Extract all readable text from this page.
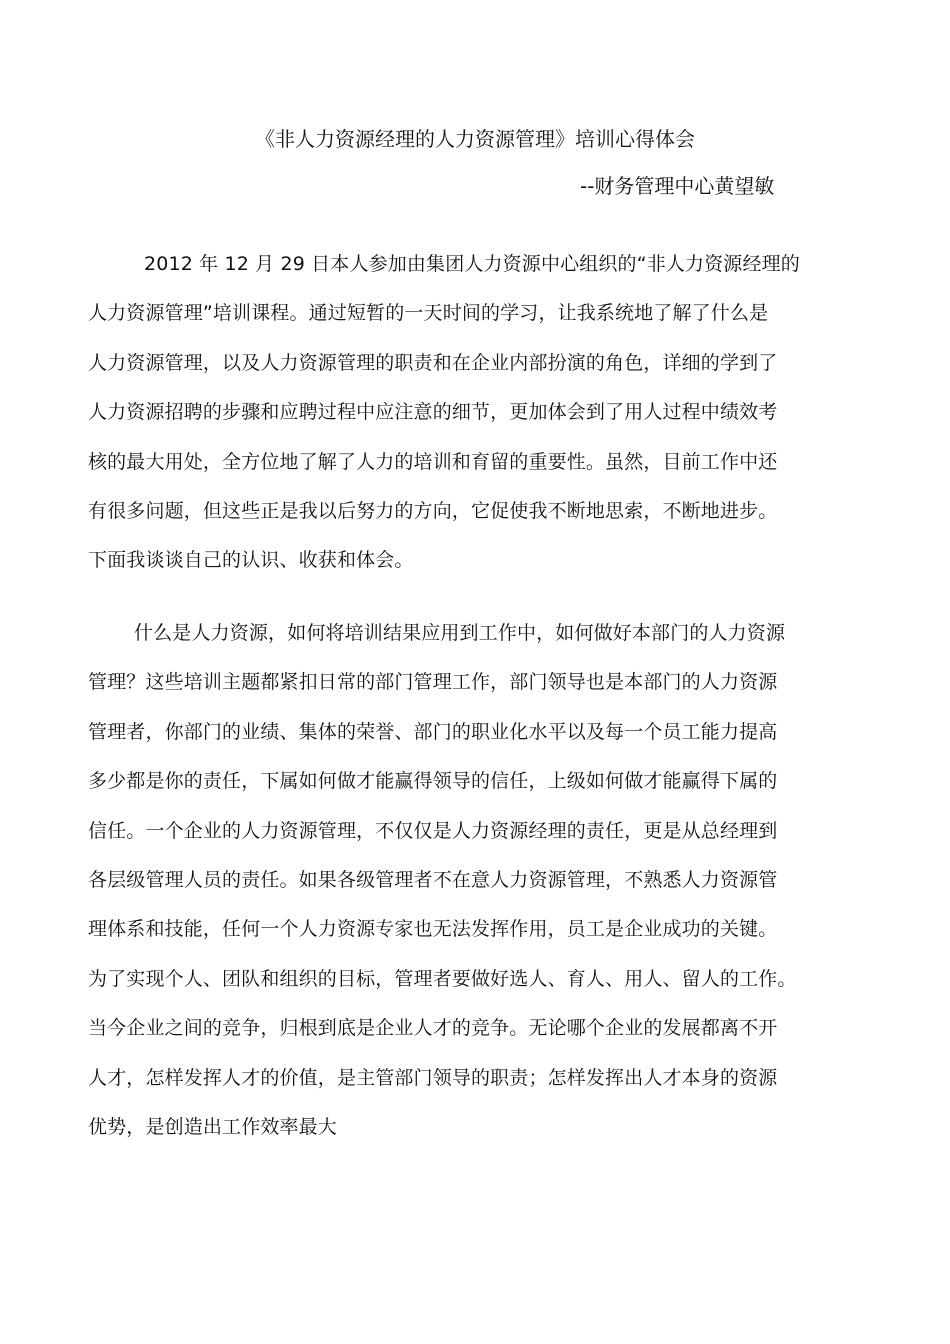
《非人力资源经理的人力资源管理》培训心得体会
--财务管理中心黄望敏
2012 年 12 月 29 日本人参加由集团人力资源中心组织的“非人力资源经理的
人力资源管理”培训课程。通过短暂的一天时间的学习，让我系统地了解了什么是
人力资源管理，以及人力资源管理的职责和在企业内部扮演的角色，详细的学到了
人力资源招聘的步骤和应聘过程中应注意的细节，更加体会到了用人过程中绩效考
核的最大用处，全方位地了解了人力的培训和育留的重要性。虽然，目前工作中还
有很多问题，但这些正是我以后努力的方向，它促使我不断地思索，不断地进步。
下面我谈谈自己的认识、收获和体会。
什么是人力资源，如何将培训结果应用到工作中，如何做好本部门的人力资源
管理？这些培训主题都紧扣日常的部门管理工作，部门领导也是本部门的人力资源
管理者，你部门的业绩、集体的荣誉、部门的职业化水平以及每一个员工能力提高
多少都是你的责任，下属如何做才能赢得领导的信任，上级如何做才能赢得下属的
信任。一个企业的人力资源管理，不仅仅是人力资源经理的责任，更是从总经理到
各层级管理人员的责任。如果各级管理者不在意人力资源管理，不熟悉人力资源管
理体系和技能，任何一个人力资源专家也无法发挥作用，员工是企业成功的关键。
为了实现个人、团队和组织的目标，管理者要做好选人、育人、用人、留人的工作。
当今企业之间的竞争，归根到底是企业人才的竞争。无论哪个企业的发展都离不开
人才，怎样发挥人才的价值，是主管部门领导的职责；怎样发挥出人才本身的资源
优势，是创造出工作效率最大
